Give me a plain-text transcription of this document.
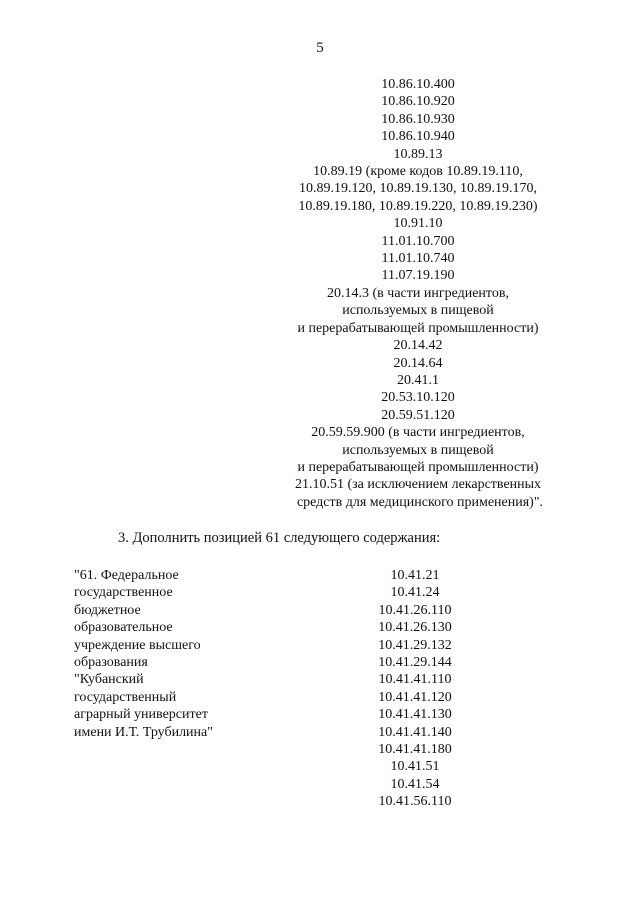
5
10.86.10.400
10.86.10.920
10.86.10.930
10.86.10.940
10.89.13
10.89.19 (кроме кодов 10.89.19.110,
10.89.19.120, 10.89.19.130, 10.89.19.170,
10.89.19.180, 10.89.19.220, 10.89.19.230)
10.91.10
11.01.10.700
11.01.10.740
11.07.19.190
20.14.3 (в части ингредиентов,
используемых в пищевой
и перерабатывающей промышленности)
20.14.42
20.14.64
20.41.1
20.53.10.120
20.59.51.120
20.59.59.900 (в части ингредиентов,
используемых в пищевой
и перерабатывающей промышленности)
21.10.51 (за исключением лекарственных
средств для медицинского применения)".
3. Дополнить позицией 61 следующего содержания:
"61. Федеральное
государственное
бюджетное
образовательное
учреждение высшего
образования
"Кубанский
государственный
аграрный университет
имени И.Т. Трубилина"
10.41.21
10.41.24
10.41.26.110
10.41.26.130
10.41.29.132
10.41.29.144
10.41.41.110
10.41.41.120
10.41.41.130
10.41.41.140
10.41.41.180
10.41.51
10.41.54
10.41.56.110
